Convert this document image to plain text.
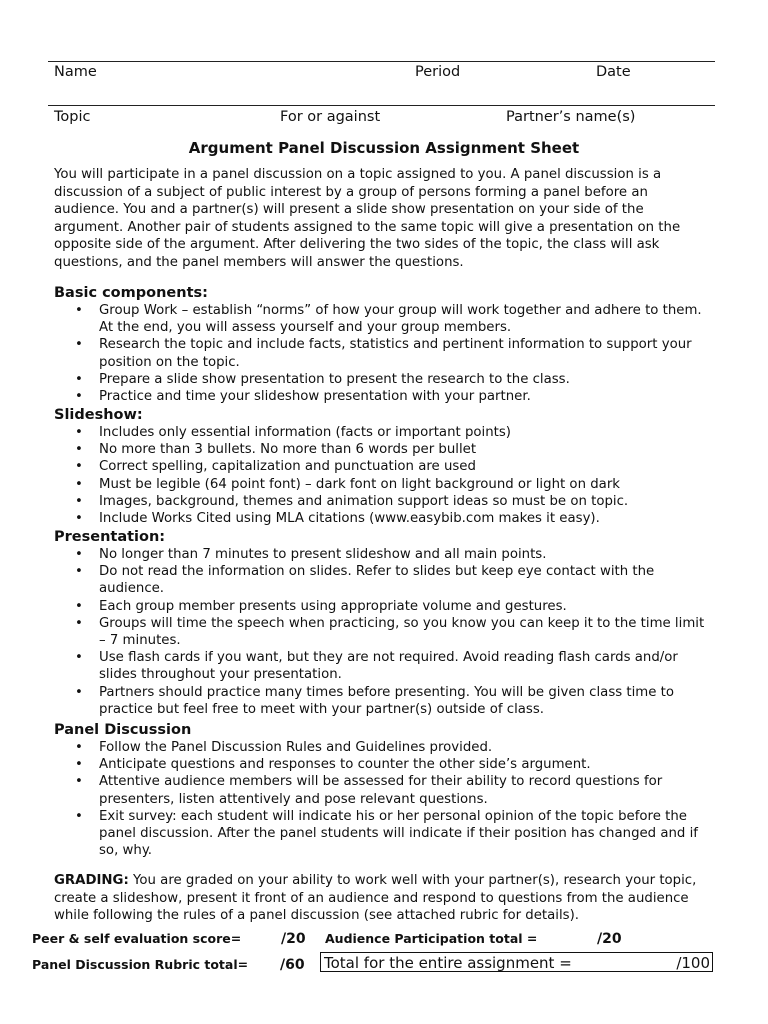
Name	Period	Date
Topic	For or against	Partner’s name(s)
Argument Panel Discussion Assignment Sheet

You will participate in a panel discussion on a topic assigned to you. A panel discussion is a discussion of a subject of public interest by a group of persons forming a panel before an audience. You and a partner(s) will present a slide show presentation on your side of the argument. Another pair of students assigned to the same topic will give a presentation on the opposite side of the argument. After delivering the two sides of the topic, the class will ask questions, and the panel members will answer the questions.

Basic components:
• Group Work – establish “norms” of how your group will work together and adhere to them. At the end, you will assess yourself and your group members.
• Research the topic and include facts, statistics and pertinent information to support your position on the topic.
• Prepare a slide show presentation to present the research to the class.
• Practice and time your slideshow presentation with your partner.
Slideshow:
• Includes only essential information (facts or important points)
• No more than 3 bullets. No more than 6 words per bullet
• Correct spelling, capitalization and punctuation are used
• Must be legible (64 point font) – dark font on light background or light on dark
• Images, background, themes and animation support ideas so must be on topic.
• Include Works Cited using MLA citations (www.easybib.com makes it easy).
Presentation:
• No longer than 7 minutes to present slideshow and all main points.
• Do not read the information on slides. Refer to slides but keep eye contact with the audience.
• Each group member presents using appropriate volume and gestures.
• Groups will time the speech when practicing, so you know you can keep it to the time limit – 7 minutes.
• Use flash cards if you want, but they are not required. Avoid reading flash cards and/or slides throughout your presentation.
• Partners should practice many times before presenting. You will be given class time to practice but feel free to meet with your partner(s) outside of class.
Panel Discussion
• Follow the Panel Discussion Rules and Guidelines provided.
• Anticipate questions and responses to counter the other side’s argument.
• Attentive audience members will be assessed for their ability to record questions for presenters, listen attentively and pose relevant questions.
• Exit survey: each student will indicate his or her personal opinion of the topic before the panel discussion. After the panel students will indicate if their position has changed and if so, why.

GRADING: You are graded on your ability to work well with your partner(s), research your topic, create a slideshow, present it front of an audience and respond to questions from the audience while following the rules of a panel discussion (see attached rubric for details).

Peer & self evaluation score=	/20 Audience Participation total =	/20
Panel Discussion Rubric total= /60 Total for the entire assignment =	/100
